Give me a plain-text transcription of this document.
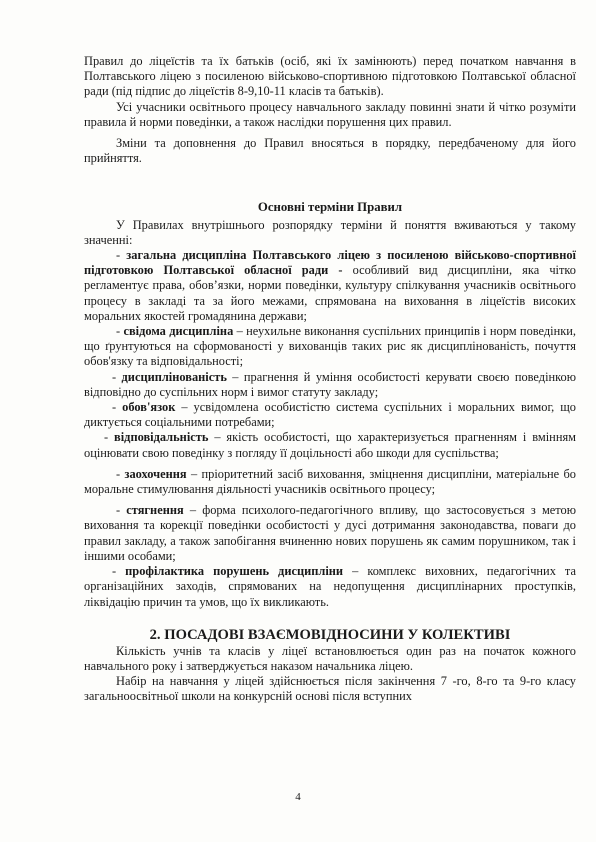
Правил до ліцеїстів та їх батьків (осіб, які їх замінюють) перед початком навчання в Полтавського ліцею з посиленою військово-спортивною підготовкою Полтавської обласної ради (під підпис до ліцеїстів 8-9,10-11 класів та батьків).

Усі учасники освітнього процесу навчального закладу повинні знати й чітко розуміти правила й норми поведінки, а також наслідки порушення цих правил.

Зміни та доповнення до Правил вносяться в порядку, передбаченому для його прийняття.

Основні терміни Правил

У Правилах внутрішнього розпорядку терміни й поняття вживаються у такому значенні:

- загальна дисципліна Полтавського ліцею з посиленою військово-спортивної підготовкою Полтавської обласної ради - особливий вид дисципліни, яка чітко регламентує права, обов’язки, норми поведінки, культуру спілкування учасників освітнього процесу в закладі та за його межами, спрямована на виховання в ліцеїстів високих моральних якостей громадянина держави;

- свідома дисципліна – неухильне виконання суспільних принципів і норм поведінки, що ґрунтуються на сформованості у вихованців таких рис як дисциплінованість, почуття обов'язку та відповідальності;

- дисциплінованість – прагнення й уміння особистості керувати своєю поведінкою відповідно до суспільних норм і вимог статуту закладу;

- обов'язок – усвідомлена особистістю система суспільних і моральних вимог, що диктується соціальними потребами;

- відповідальність – якість особистості, що характеризується прагненням і вмінням оцінювати свою поведінку з погляду її доцільності або шкоди для суспільства;

- заохочення – пріоритетний засіб виховання, зміцнення дисципліни, матеріальне бо моральне стимулювання діяльності учасників освітнього процесу;

- стягнення – форма психолого-педагогічного впливу, що застосовується з метою виховання та корекції поведінки особистості у дусі дотримання законодавства, поваги до правил закладу, а також запобігання вчиненню нових порушень як самим порушником, так і іншими особами;

- профілактика порушень дисципліни – комплекс виховних, педагогічних та організаційних заходів, спрямованих на недопущення дисциплінарних проступків, ліквідацію причин та умов, що їх викликають.

2. ПОСАДОВІ ВЗАЄМОВІДНОСИНИ У КОЛЕКТИВІ

Кількість учнів та класів у ліцеї встановлюється один раз на початок кожного навчального року і затверджується наказом начальника ліцею.

Набір на навчання у ліцей здійснюється після закінчення 7 -го, 8-го та 9-го класу загальноосвітньої школи на конкурсній основі після вступних

4
